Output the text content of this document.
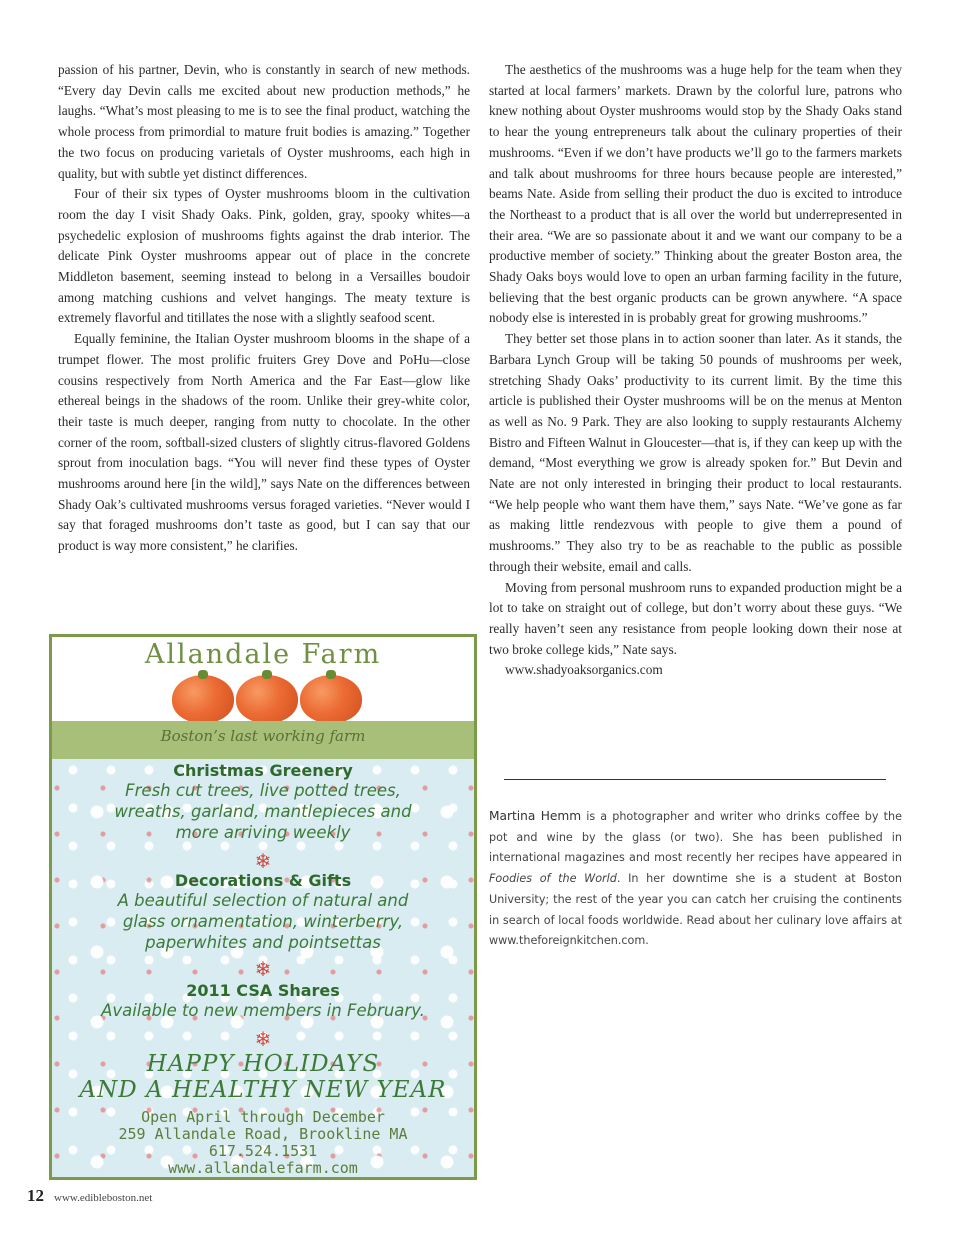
passion of his partner, Devin, who is constantly in search of new methods. “Every day Devin calls me excited about new production methods,” he laughs. “What’s most pleasing to me is to see the final product, watching the whole process from primordial to mature fruit bodies is amazing.” Together the two focus on producing varietals of Oyster mushrooms, each high in quality, but with subtle yet distinct differences.

Four of their six types of Oyster mushrooms bloom in the cultivation room the day I visit Shady Oaks. Pink, golden, gray, spooky whites—a psychedelic explosion of mushrooms fights against the drab interior. The delicate Pink Oyster mushrooms appear out of place in the concrete Middleton basement, seeming instead to belong in a Versailles boudoir among matching cushions and velvet hangings. The meaty texture is extremely flavorful and titillates the nose with a slightly seafood scent.

Equally feminine, the Italian Oyster mushroom blooms in the shape of a trumpet flower. The most prolific fruiters Grey Dove and PoHu—close cousins respectively from North America and the Far East—glow like ethereal beings in the shadows of the room. Unlike their grey-white color, their taste is much deeper, ranging from nutty to chocolate. In the other corner of the room, softball-sized clusters of slightly citrus-flavored Goldens sprout from inoculation bags. “You will never find these types of Oyster mushrooms around here [in the wild],” says Nate on the differences between Shady Oak’s cultivated mushrooms versus foraged varieties. “Never would I say that foraged mushrooms don’t taste as good, but I can say that our product is way more consistent,” he clarifies.

The aesthetics of the mushrooms was a huge help for the team when they started at local farmers’ markets. Drawn by the colorful lure, patrons who knew nothing about Oyster mushrooms would stop by the Shady Oaks stand to hear the young entrepreneurs talk about the culinary properties of their mushrooms. “Even if we don’t have products we’ll go to the farmers markets and talk about mushrooms for three hours because people are interested,” beams Nate. Aside from selling their product the duo is excited to introduce the Northeast to a product that is all over the world but underrepresented in their area. “We are so passionate about it and we want our company to be a productive member of society.” Thinking about the greater Boston area, the Shady Oaks boys would love to open an urban farming facility in the future, believing that the best organic products can be grown anywhere. “A space nobody else is interested in is probably great for growing mushrooms.”

They better set those plans in to action sooner than later. As it stands, the Barbara Lynch Group will be taking 50 pounds of mushrooms per week, stretching Shady Oaks’ productivity to its current limit. By the time this article is published their Oyster mushrooms will be on the menus at Menton as well as No. 9 Park. They are also looking to supply restaurants Alchemy Bistro and Fifteen Walnut in Gloucester—that is, if they can keep up with the demand, “Most everything we grow is already spoken for.” But Devin and Nate are not only interested in bringing their product to local restaurants. “We help people who want them have them,” says Nate. “We’ve gone as far as making little rendezvous with people to give them a pound of mushrooms.” They also try to be as reachable to the public as possible through their website, email and calls.

Moving from personal mushroom runs to expanded production might be a lot to take on straight out of college, but don’t worry about these guys. “We really haven’t seen any resistance from people looking down their nose at two broke college kids,” Nate says.

www.shadyoaksorganics.com

Martina Hemm is a photographer and writer who drinks coffee by the pot and wine by the glass (or two). She has been published in international magazines and most recently her recipes have appeared in Foodies of the World. In her downtime she is a student at Boston University; the rest of the year you can catch her cruising the continents in search of local foods worldwide. Read about her culinary love affairs at www.theforeignkitchen.com.
Allandale Farm
Boston’s last working farm
Christmas Greenery
Fresh cut trees, live potted trees,
wreaths, garland, mantlepieces and
more arriving weekly
❄
Decorations & Gifts
A beautiful selection of natural and
glass ornamentation, winterberry,
paperwhites and pointsettas
❄
2011 CSA Shares
Available to new members in February.
❄
HAPPY HOLIDAYS
AND A HEALTHY NEW YEAR
Open April through December
259 Allandale Road, Brookline MA
617.524.1531
www.allandalefarm.com
12 www.edibleboston.net
